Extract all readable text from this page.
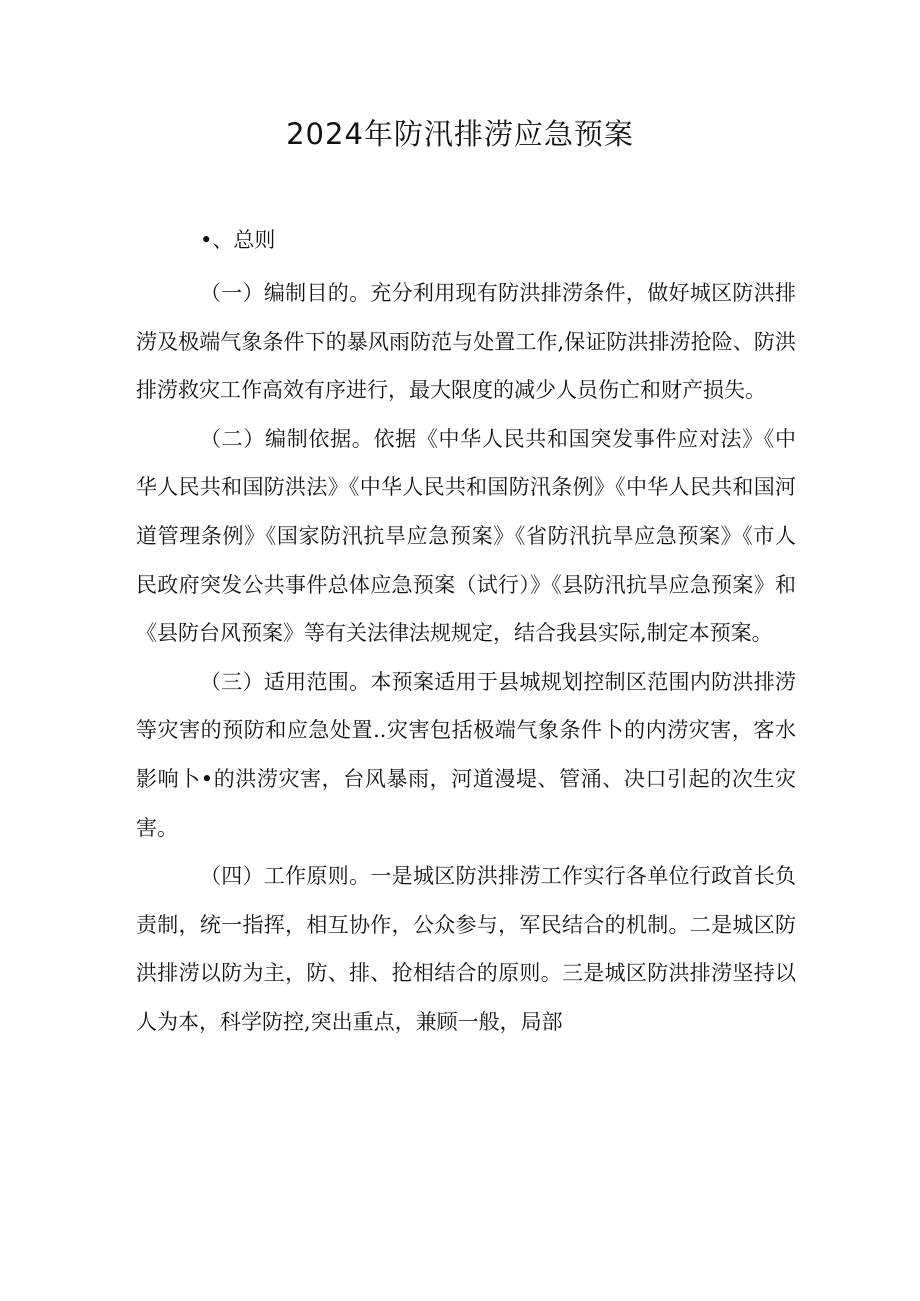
2024年防汛排涝应急预案
•、总则

（一）编制目的。充分利用现有防洪排涝条件，做好城区防洪排涝及极端气象条件下的暴风雨防范与处置工作,保证防洪排涝抢险、防洪排涝救灾工作高效有序进行，最大限度的减少人员伤亡和财产损失。

（二）编制依据。依据《中华人民共和国突发事件应对法》《中华人民共和国防洪法》《中华人民共和国防汛条例》《中华人民共和国河道管理条例》《国家防汛抗旱应急预案》《省防汛抗旱应急预案》《市人民政府突发公共事件总体应急预案（试行）》《县防汛抗旱应急预案》和《县防台风预案》等有关法律法规规定，结合我县实际,制定本预案。

（三）适用范围。本预案适用于县城规划控制区范围内防洪排涝等灾害的预防和应急处置..灾害包括极端气象条件卜的内涝灾害，客水影响卜•的洪涝灾害，台风暴雨，河道漫堤、管涌、决口引起的次生灾害。

（四）工作原则。一是城区防洪排涝工作实行各单位行政首长负责制，统一指挥，相互协作，公众参与，军民结合的机制。二是城区防洪排涝以防为主，防、排、抢相结合的原则。三是城区防洪排涝坚持以人为本，科学防控,突出重点，兼顾一般，局部
